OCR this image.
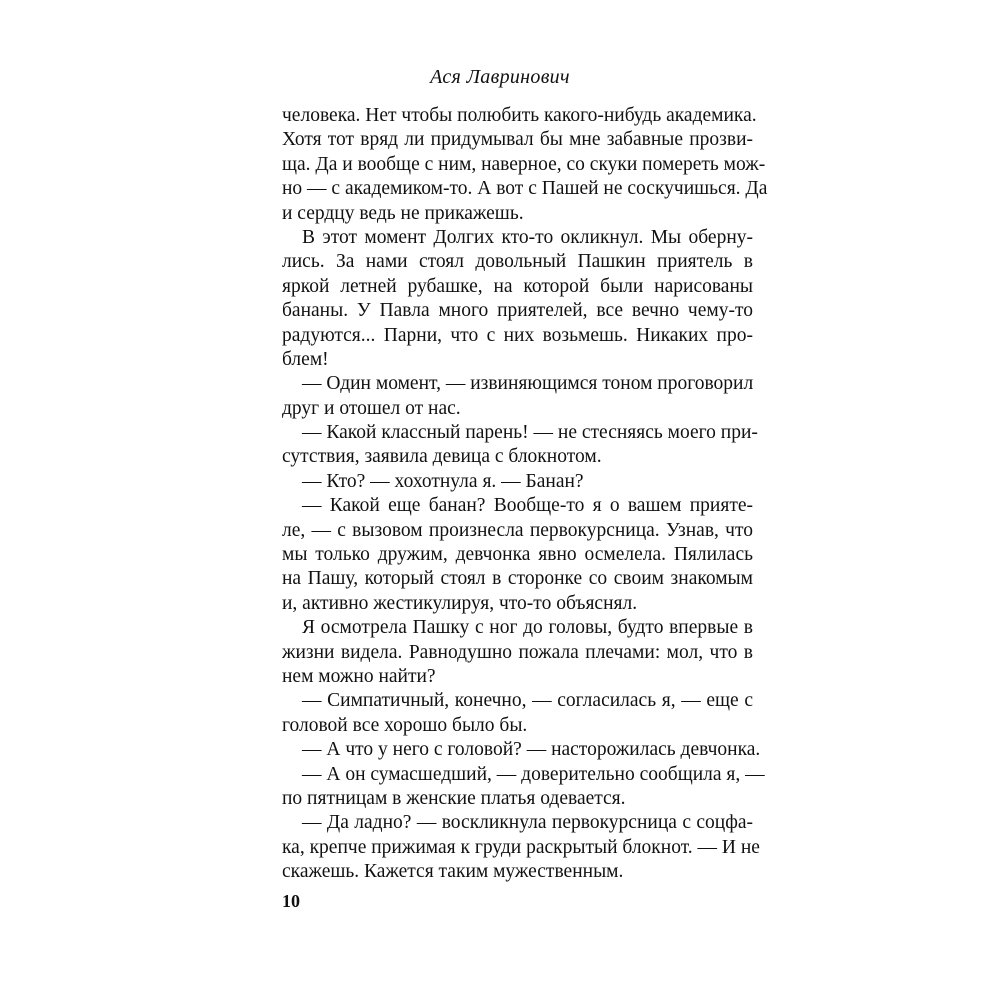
Ася Лавринович
человека. Нет чтобы полюбить какого-нибудь академика.
Хотя тот вряд ли придумывал бы мне забавные прозви-
ща. Да и вообще с ним, наверное, со скуки помереть мож-
но — с академиком-то. А вот с Пашей не соскучишься. Да
и сердцу ведь не прикажешь.
В этот момент Долгих кто-то окликнул. Мы оберну-
лись. За нами стоял довольный Пашкин приятель в
яркой летней рубашке, на которой были нарисованы
бананы. У Павла много приятелей, все вечно чему-то
радуются... Парни, что с них возьмешь. Никаких про-
блем!
— Один момент, — извиняющимся тоном проговорил
друг и отошел от нас.
— Какой классный парень! — не стесняясь моего при-
сутствия, заявила девица с блокнотом.
— Кто? — хохотнула я. — Банан?
— Какой еще банан? Вообще-то я о вашем приятe-
ле, — с вызовом произнесла первокурсница. Узнав, что
мы только дружим, девчонка явно осмелела. Пялилась
на Пашу, который стоял в сторонке со своим знакомым
и, активно жестикулируя, что-то объяснял.
Я осмотрела Пашку с ног до головы, будто впервые в
жизни видела. Равнодушно пожала плечами: мол, что в
нем можно найти?
— Симпатичный, конечно, — согласилась я, — еще с
головой все хорошо было бы.
— А что у него с головой? — насторожилась девчонка.
— А он сумасшедший, — доверительно сообщила я, —
по пятницам в женские платья одевается.
— Да ладно? — воскликнула первокурсница с соцфа-
ка, крепче прижимая к груди раскрытый блокнот. — И не
скажешь. Кажется таким мужественным.
10
